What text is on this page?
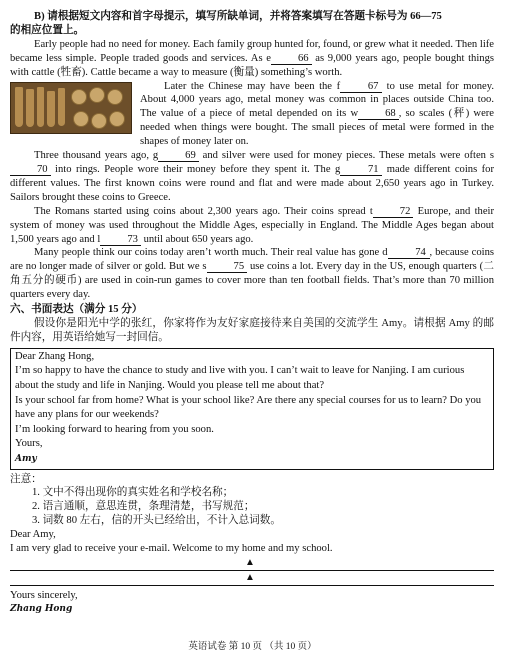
B) 请根据短文内容和首字母提示，填写所缺单词，并将答案填写在答题卡标号为 66—75

的相应位置上。

Early people had no need for money. Each family group hunted for, found, or grew what it needed. Then life became less simple. People traded goods and services. As e	66 as 9,000 years ago, people bought things with cattle (牲畜). Cattle became a way to measure (衡量) something’s worth.

Later the Chinese may have been the f	67 to use metal for money. About 4,000 years ago, metal money was common in places outside China too. The value of a piece of metal depended on its w	68 , so scales (秤) were needed when things were bought. The small pieces of metal were formed in the shapes of money later on.

Three thousand years ago, g	69 and silver were used for money pieces. These metals were often s70 into rings. People wore their money before they spent it. The g	71 made different coins for different values. The first known coins were round and flat and were made about 2,650 years ago in Turkey. Sailors brought these coins to Greece.

The Romans started using coins about 2,300 years ago. Their coins spread t	72 Europe, and their system of money was used throughout the Middle Ages, especially in England. The Middle Ages began about 1,500 years ago and l	73 until about 650 years ago.

Many people think our coins today aren’t worth much. Their real value has gone d	74 , because coins are no longer made of silver or gold. But we s	75 use coins a lot. Every day in the US, enough quarters (二角五分的硬币) are used in coin-run games to cover more than ten football fields. That’s more than 70 million quarters every day.

六、书面表达（满分 15 分）

假设你是阳光中学的张红，你家将作为友好家庭接待来自美国的交流学生 Amy。请根据 Amy 的邮件内容，用英语给她写一封回信。

Dear Zhang Hong,

I’m so happy to have the chance to study and live with you. I can’t wait to leave for Nanjing. I am curious about the study and life in Nanjing. Would you please tell me about that?

Is your school far from home? What is your school like? Are there any special courses for us to learn? Do you have any plans for our weekends?

I’m looking forward to hearing from you soon.

Yours,

Amy

注意：

1. 文中不得出现你的真实姓名和学校名称；

2. 语言通顺，意思连贯，条理清楚，书写规范；

3. 词数 80 左右，信的开头已经给出，不计入总词数。

Dear Amy,

I am very glad to receive your e-mail. Welcome to my home and my school.

▲
▲

Yours sincerely,

Zhang Hong

英语试卷 第 10 页 （共 10 页）
